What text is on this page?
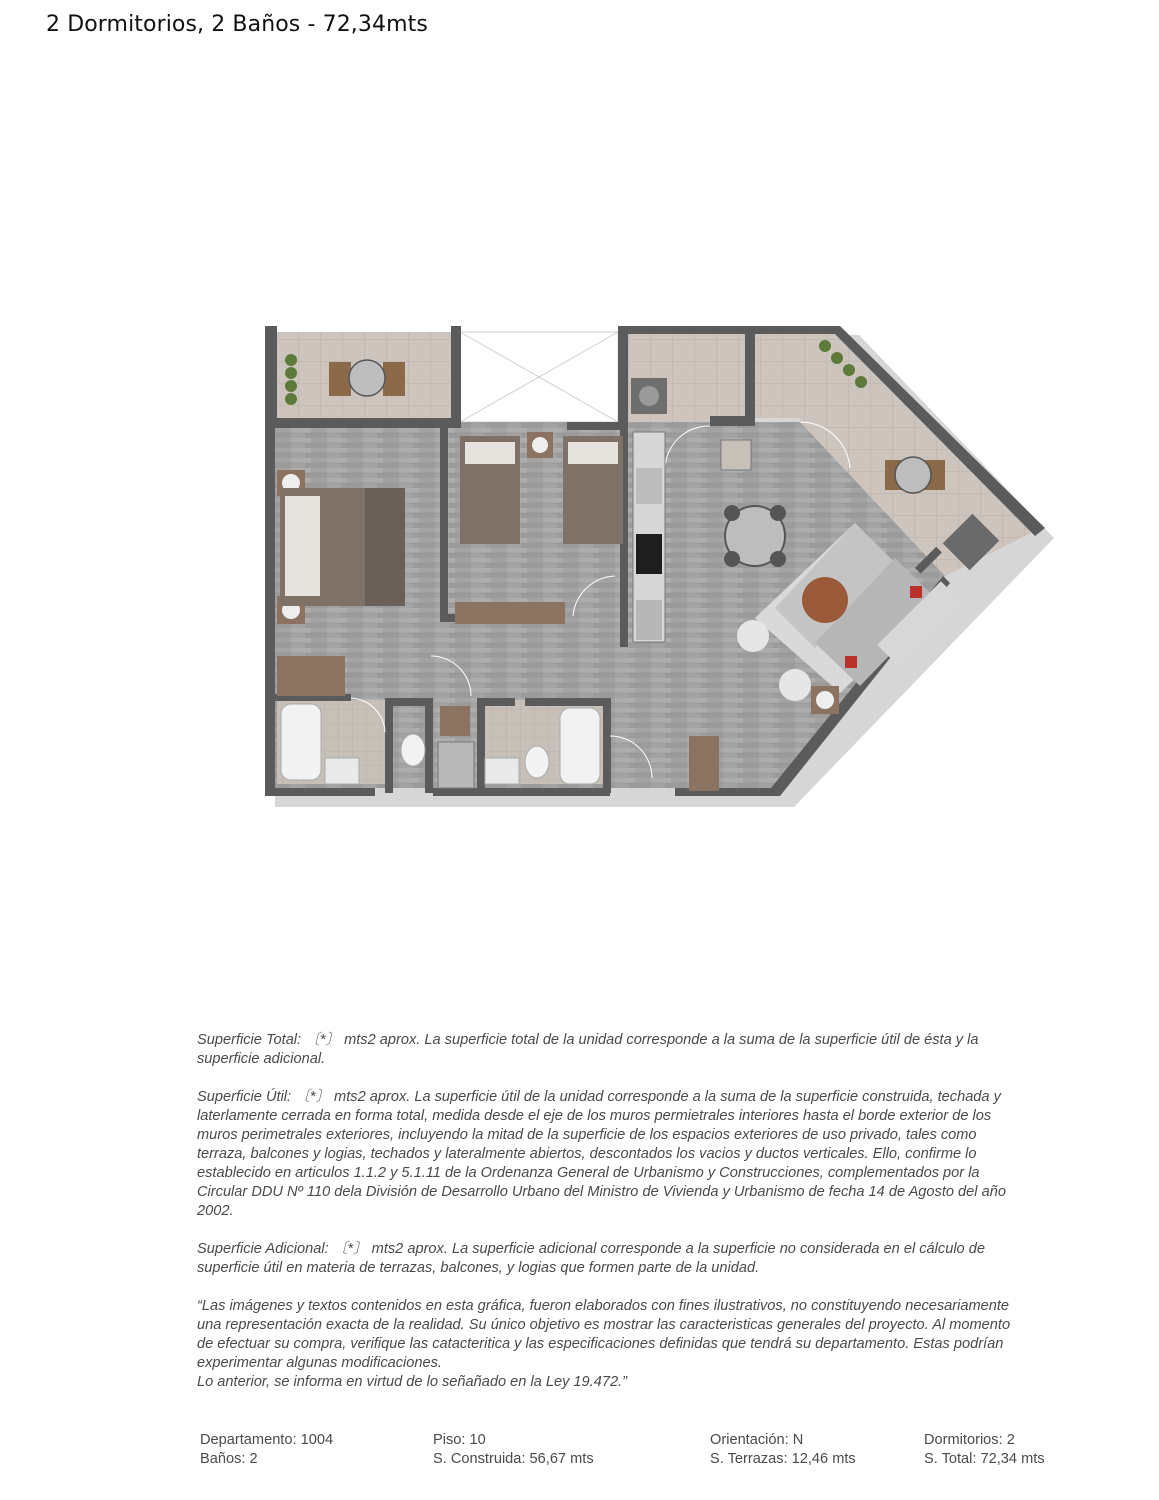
2 Dormitorios, 2 Baños - 72,34mts

Superficie Total: 〔*〕 mts2 aprox. La superficie total de la unidad corresponde a la suma de la superficie útil de ésta y la superficie adicional.

Superficie Útil: 〔*〕 mts2 aprox. La superficie útil de la unidad corresponde a la suma de la superficie construida, techada y laterlamente cerrada en forma total, medida desde el eje de los muros permietrales interiores hasta el borde exterior de los muros perimetrales exteriores, incluyendo la mitad de la superficie de los espacios exteriores de uso privado, tales como terraza, balcones y logias, techados y lateralmente abiertos, descontados los vacios y ductos verticales. Ello, confirme lo establecido en articulos 1.1.2 y 5.1.11 de la Ordenanza General de Urbanismo y Construcciones, complementados por la Circular DDU Nº 110 dela División de Desarrollo Urbano del Ministro de Vivienda y Urbanismo de fecha 14 de Agosto del año 2002.

Superficie Adicional: 〔*〕 mts2 aprox. La superficie adicional corresponde a la superficie no considerada en el cálculo de superficie útil en materia de terrazas, balcones, y logias que formen parte de la unidad.

“Las imágenes y textos contenidos en esta gráfica, fueron elaborados con fines ilustrativos, no constituyendo necesariamente una representación exacta de la realidad. Su único objetivo es mostrar las caracteristicas generales del proyecto. Al momento de efectuar su compra, verifique las catacteritica y las especificaciones definidas que tendrá su departamento. Estas podrían experimentar algunas modificaciones.
Lo anterior, se informa en virtud de lo señañado en la Ley 19.472.”

Departamento: 1004
Baños: 2
Piso: 10
S. Construida: 56,67 mts
Orientación: N
S. Terrazas: 12,46 mts
Dormitorios: 2
S. Total: 72,34 mts
